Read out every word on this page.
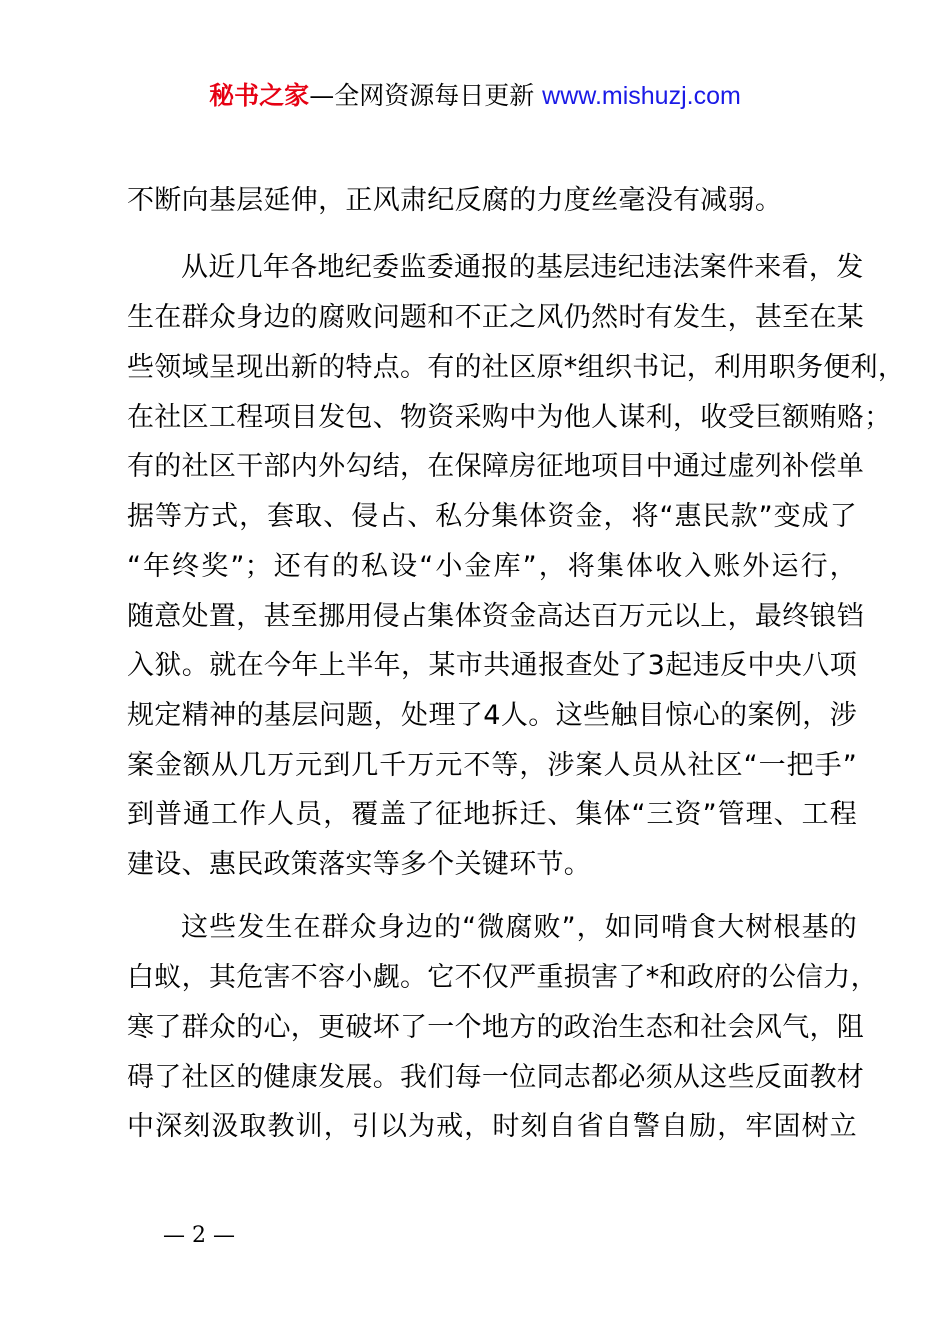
秘书之家—全网资源每日更新 www.mishuzj.com
不断向基层延伸，正风肃纪反腐的力度丝毫没有减弱。
从近几年各地纪委监委通报的基层违纪违法案件来看，发
生在群众身边的腐败问题和不正之风仍然时有发生，甚至在某
些领域呈现出新的特点。有的社区原*组织书记，利用职务便利，
在社区工程项目发包、物资采购中为他人谋利，收受巨额贿赂；
有的社区干部内外勾结，在保障房征地项目中通过虚列补偿单
据等方式，套取、侵占、私分集体资金，将“惠民款”变成了
“年终奖”；还有的私设“小金库”，将集体收入账外运行，
随意处置，甚至挪用侵占集体资金高达百万元以上，最终锒铛
入狱。就在今年上半年，某市共通报查处了3起违反中央八项
规定精神的基层问题，处理了4人。这些触目惊心的案例，涉
案金额从几万元到几千万元不等，涉案人员从社区“一把手”
到普通工作人员，覆盖了征地拆迁、集体“三资”管理、工程
建设、惠民政策落实等多个关键环节。
这些发生在群众身边的“微腐败”，如同啃食大树根基的
白蚁，其危害不容小觑。它不仅严重损害了*和政府的公信力，
寒了群众的心，更破坏了一个地方的政治生态和社会风气，阻
碍了社区的健康发展。我们每一位同志都必须从这些反面教材
中深刻汲取教训，引以为戒，时刻自省自警自励，牢固树立
— 2 —
